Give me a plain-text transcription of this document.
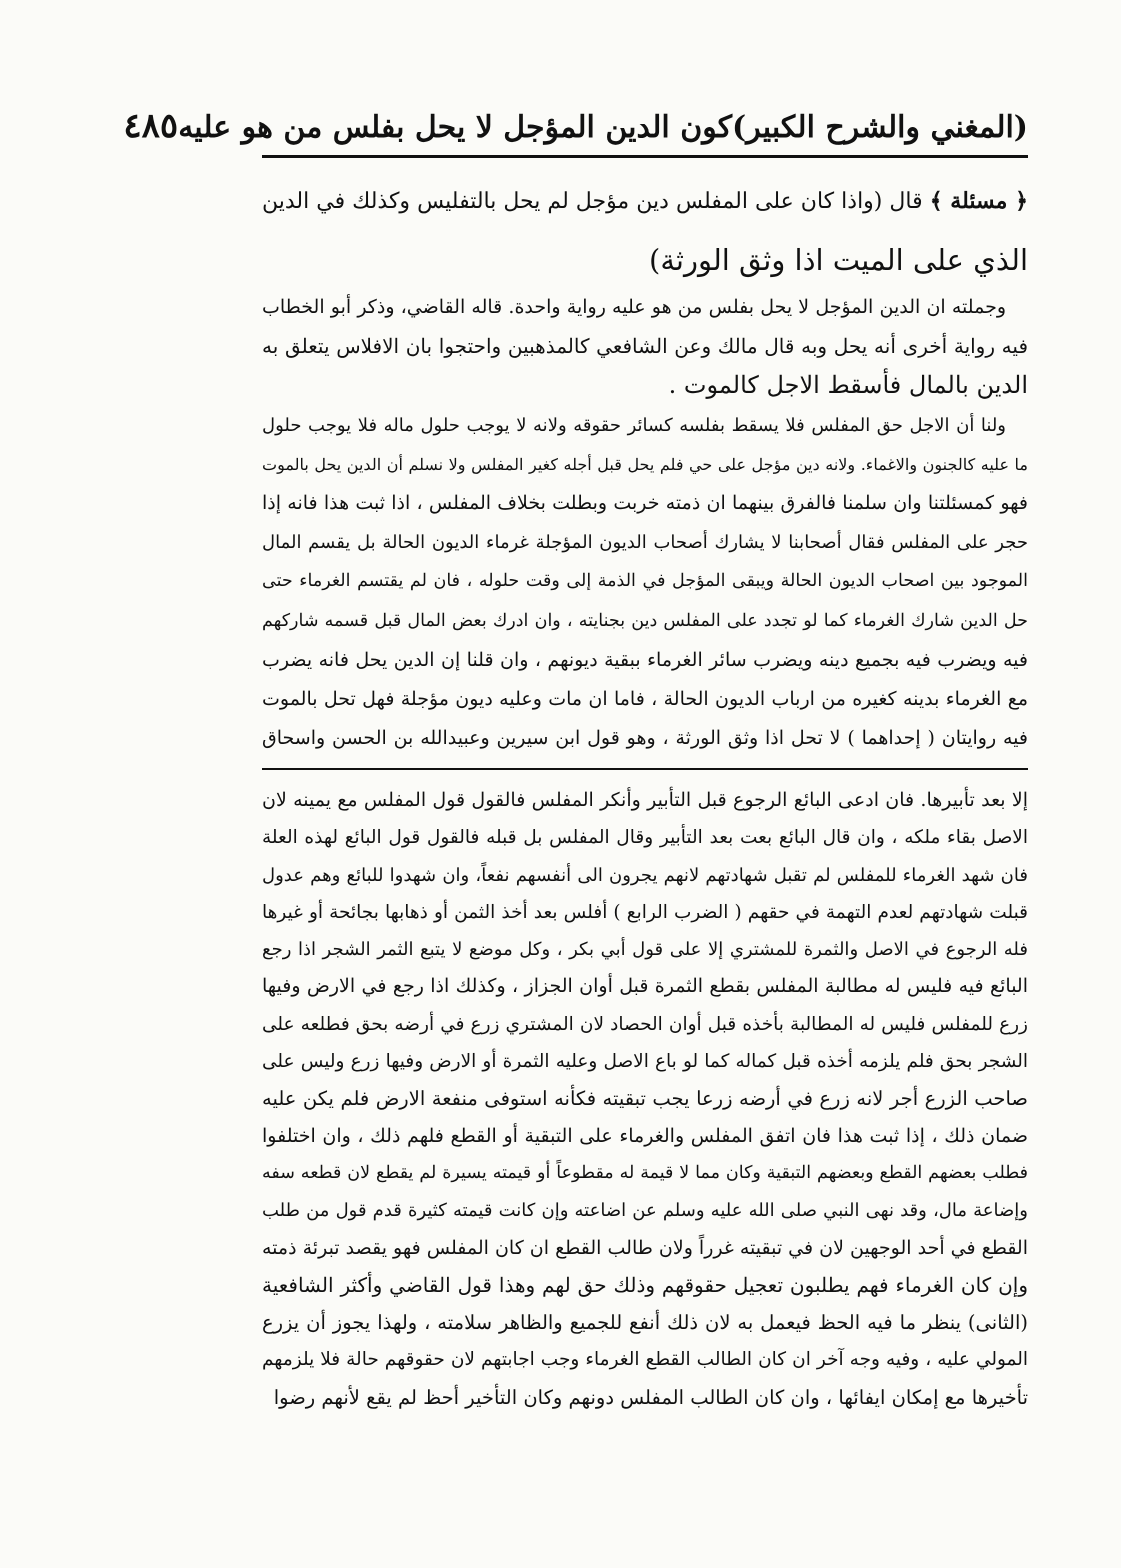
(المغني والشرح الكبير)
كون الدين المؤجل لا يحل بفلس من هو عليه
٤٨٥
﴿ مسئلة ﴾ قال (واذا كان على المفلس دين مؤجل لم يحل بالتفليس وكذلك في الدين
الذي على الميت اذا وثق الورثة)
وجملته ان الدين المؤجل لا يحل بفلس من هو عليه رواية واحدة. قاله القاضي، وذكر أبو الخطاب
فيه رواية أخرى أنه يحل وبه قال مالك وعن الشافعي كالمذهبين واحتجوا بان الافلاس يتعلق به
الدين بالمال فأسقط الاجل كالموت .
ولنا أن الاجل حق المفلس فلا يسقط بفلسه كسائر حقوقه ولانه لا يوجب حلول ماله فلا يوجب حلول
ما عليه كالجنون والاغماء. ولانه دين مؤجل على حي فلم يحل قبل أجله كغير المفلس ولا نسلم أن الدين يحل بالموت
فهو كمسئلتنا وان سلمنا فالفرق بينهما ان ذمته خربت وبطلت بخلاف المفلس ، اذا ثبت هذا فانه إذا
حجر على المفلس فقال أصحابنا لا يشارك أصحاب الديون المؤجلة غرماء الديون الحالة بل يقسم المال
الموجود بين اصحاب الديون الحالة ويبقى المؤجل في الذمة إلى وقت حلوله ، فان لم يقتسم الغرماء حتى
حل الدين شارك الغرماء كما لو تجدد على المفلس دين بجنايته ، وان ادرك بعض المال قبل قسمه شاركهم
فيه ويضرب فيه بجميع دينه ويضرب سائر الغرماء ببقية ديونهم ، وان قلنا إن الدين يحل فانه يضرب
مع الغرماء بدينه كغيره من ارباب الديون الحالة ، فاما ان مات وعليه ديون مؤجلة فهل تحل بالموت
فيه روايتان ( إحداهما ) لا تحل اذا وثق الورثة ، وهو قول ابن سيرين وعبيدالله بن الحسن واسحاق
إلا بعد تأبيرها. فان ادعى البائع الرجوع قبل التأبير وأنكر المفلس فالقول قول المفلس مع يمينه لان
الاصل بقاء ملكه ، وان قال البائع بعت بعد التأبير وقال المفلس بل قبله فالقول قول البائع لهذه العلة
فان شهد الغرماء للمفلس لم تقبل شهادتهم لانهم يجرون الى أنفسهم نفعاً، وان شهدوا للبائع وهم عدول
قبلت شهادتهم لعدم التهمة في حقهم ( الضرب الرابع ) أفلس بعد أخذ الثمن أو ذهابها بجائحة أو غيرها
فله الرجوع في الاصل والثمرة للمشتري إلا على قول أبي بكر ، وكل موضع لا يتبع الثمر الشجر اذا رجع
البائع فيه فليس له مطالبة المفلس بقطع الثمرة قبل أوان الجزاز ، وكذلك اذا رجع في الارض وفيها
زرع للمفلس فليس له المطالبة بأخذه قبل أوان الحصاد لان المشتري زرع في أرضه بحق فطلعه على
الشجر بحق فلم يلزمه أخذه قبل كماله كما لو باع الاصل وعليه الثمرة أو الارض وفيها زرع وليس على
صاحب الزرع أجر لانه زرع في أرضه زرعا يجب تبقيته فكأنه استوفى منفعة الارض فلم يكن عليه
ضمان ذلك ، إذا ثبت هذا فان اتفق المفلس والغرماء على التبقية أو القطع فلهم ذلك ، وان اختلفوا
فطلب بعضهم القطع وبعضهم التبقية وكان مما لا قيمة له مقطوعاً أو قيمته يسيرة لم يقطع لان قطعه سفه
وإضاعة مال، وقد نهى النبي صلى الله عليه وسلم عن اضاعته وإن كانت قيمته كثيرة قدم قول من طلب
القطع في أحد الوجهين لان في تبقيته غرراً ولان طالب القطع ان كان المفلس فهو يقصد تبرئة ذمته
وإن كان الغرماء فهم يطلبون تعجيل حقوقهم وذلك حق لهم وهذا قول القاضي وأكثر الشافعية
(الثانى) ينظر ما فيه الحظ فيعمل به لان ذلك أنفع للجميع والظاهر سلامته ، ولهذا يجوز أن يزرع
المولي عليه ، وفيه وجه آخر ان كان الطالب القطع الغرماء وجب اجابتهم لان حقوقهم حالة فلا يلزمهم
تأخيرها مع إمكان ايفائها ، وان كان الطالب المفلس دونهم وكان التأخير أحظ لم يقع لأنهم رضوا
